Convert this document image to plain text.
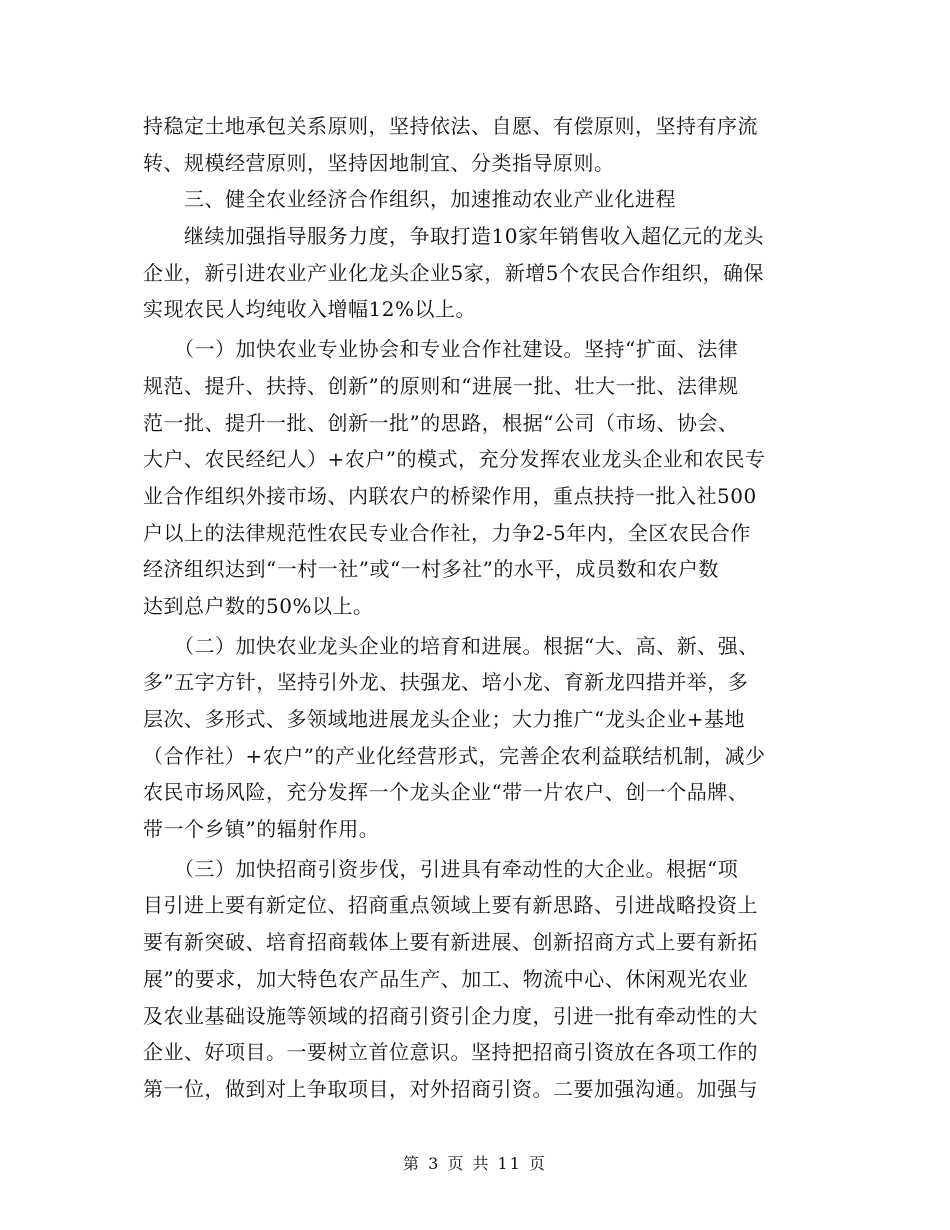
持稳定土地承包关系原则，坚持依法、自愿、有偿原则，坚持有序流
转、规模经营原则，坚持因地制宜、分类指导原则。
　　三、健全农业经济合作组织，加速推动农业产业化进程
　　继续加强指导服务力度，争取打造10家年销售收入超亿元的龙头
企业，新引进农业产业化龙头企业5家，新增5个农民合作组织，确保
实现农民人均纯收入增幅12%以上。
　　（一）加快农业专业协会和专业合作社建设。坚持“扩面、法律
规范、提升、扶持、创新”的原则和“进展一批、壮大一批、法律规
范一批、提升一批、创新一批”的思路，根据“公司（市场、协会、
大户、农民经纪人）+农户”的模式，充分发挥农业龙头企业和农民专
业合作组织外接市场、内联农户的桥梁作用，重点扶持一批入社500
户以上的法律规范性农民专业合作社，力争2-5年内，全区农民合作
经济组织达到“一村一社”或“一村多社”的水平，成员数和农户数
达到总户数的50%以上。
　　（二）加快农业龙头企业的培育和进展。根据“大、高、新、强、
多”五字方针，坚持引外龙、扶强龙、培小龙、育新龙四措并举，多
层次、多形式、多领域地进展龙头企业；大力推广“龙头企业+基地
（合作社）+农户”的产业化经营形式，完善企农利益联结机制，减少
农民市场风险，充分发挥一个龙头企业“带一片农户、创一个品牌、
带一个乡镇”的辐射作用。
　　（三）加快招商引资步伐，引进具有牵动性的大企业。根据“项
目引进上要有新定位、招商重点领域上要有新思路、引进战略投资上
要有新突破、培育招商载体上要有新进展、创新招商方式上要有新拓
展”的要求，加大特色农产品生产、加工、物流中心、休闲观光农业
及农业基础设施等领域的招商引资引企力度，引进一批有牵动性的大
企业、好项目。一要树立首位意识。坚持把招商引资放在各项工作的
第一位，做到对上争取项目，对外招商引资。二要加强沟通。加强与
第 3 页 共 11 页
